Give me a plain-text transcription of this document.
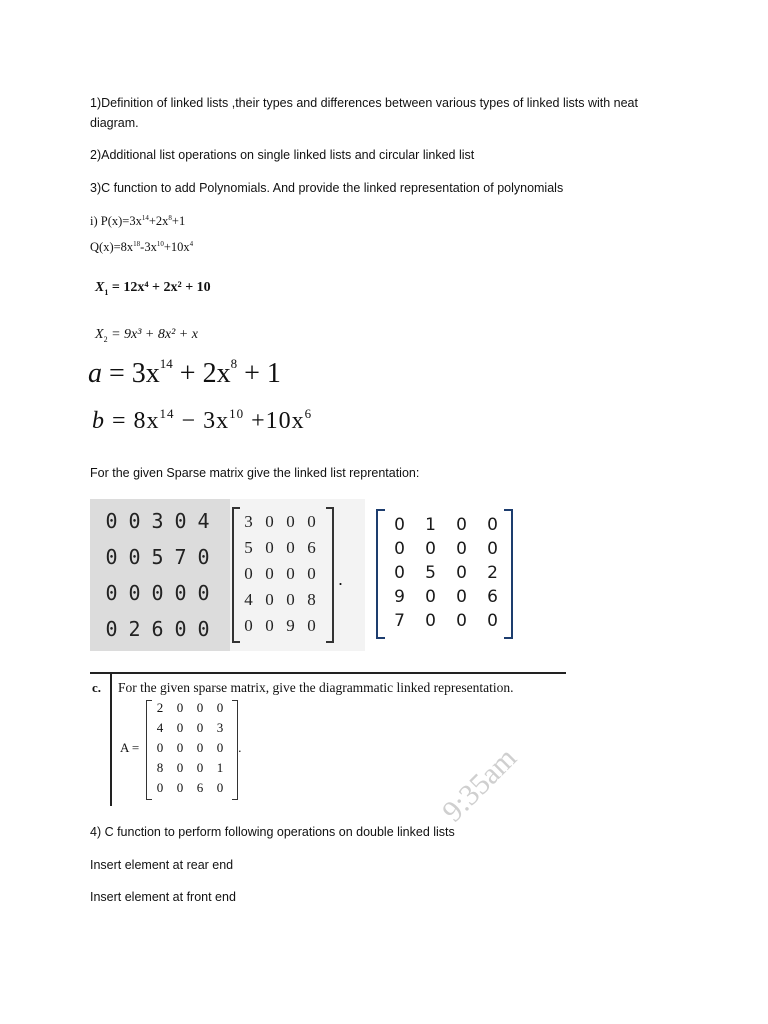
1)Definition of linked lists ,their types and differences between various types of linked lists with neat diagram.
2)Additional list operations on single linked lists and circular linked list
3)C function to add Polynomials. And provide the linked representation of polynomials
i) $P(x)=3x^{14}+2x^8+1$
$Q(x)=8x^{18}-3x^{10}+10x^4$
$X_1 = 12x^4 + 2x^2 + 10$
$X_2 = 9x^3 + 8x^2 + x$
$a = 3x^{14} + 2x^8 + 1$
$b = 8x^{14} - 3x^{10} +10x^6$
For the given Sparse matrix give the linked list reprentation:
0	0	3	0	4
0	0	5	7	0
0	0	0	0	0
0	2	6	0	0
3	0	0	0
5	0	0	6
0	0	0	0
4	0	0	8
0	0	9	0
.
0	1	0	0
0	0	0	0
0	5	0	2
9	0	0	6
7	0	0	0
c. For the given sparse matrix, give the diagrammatic linked representation.
A =
2	0	0	0
4	0	0	3
0	0	0	0
8	0	0	1
0	0	6	0
.	9:35am
4) C function to perform following operations on double linked lists
Insert element at rear end
Insert element at front end
